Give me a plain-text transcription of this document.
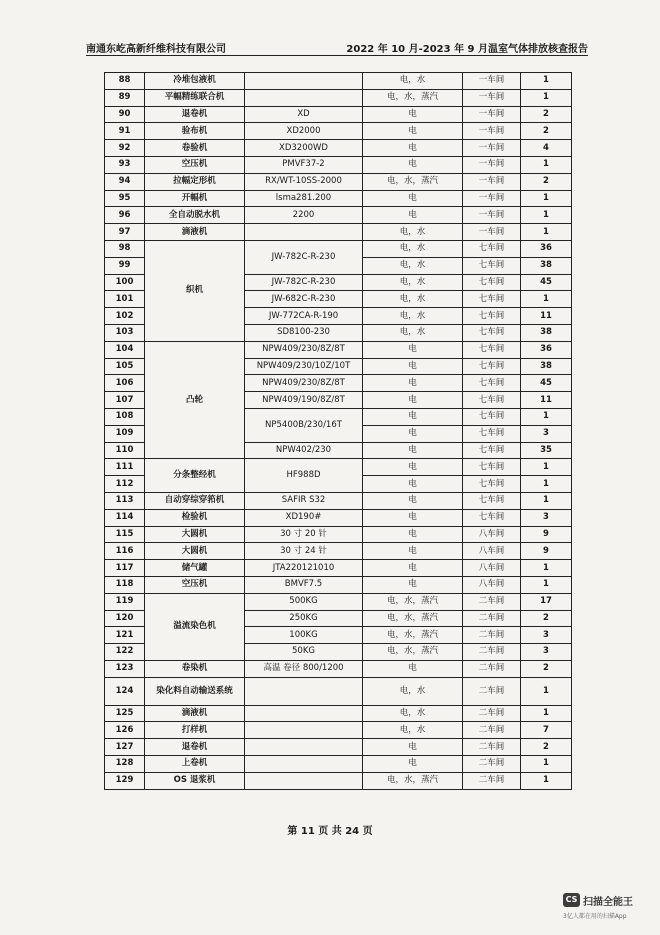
南通东屹高新纤维科技有限公司	2022 年 10 月-2023 年 9 月温室气体排放核查报告
88	冷堆包液机		电，水	一车间	1
89	平幅精练联合机		电，水，蒸汽	一车间	1
90	退卷机	XD	电	一车间	2
91	验布机	XD2000	电	一车间	2
92	卷验机	XD3200WD	电	一车间	4
93	空压机	PMVF37-2	电	一车间	1
94	拉幅定形机	RX/WT-10SS-2000	电，水，蒸汽	一车间	2
95	开幅机	lsma281.200	电	一车间	1
96	全自动脱水机	2200	电	一车间	1
97	滴液机		电，水	一车间	1
98	织机	JW-782C-R-230	电，水	七车间	36
99			电，水	七车间	38
100		JW-782C-R-230	电，水	七车间	45
101		JW-682C-R-230	电，水	七车间	1
102		JW-772CA-R-190	电，水	七车间	11
103		SD8100-230	电，水	七车间	38
104	凸轮	NPW409/230/8Z/8T	电	七车间	36
105		NPW409/230/10Z/10T	电	七车间	38
106		NPW409/230/8Z/8T	电	七车间	45
107		NPW409/190/8Z/8T	电	七车间	11
108		NP5400B/230/16T	电	七车间	1
109			电	七车间	3
110		NPW402/230	电	七车间	35
111	分条整经机	HF988D	电	七车间	1
112			电	七车间	1
113	自动穿综穿筘机	SAFIR S32	电	七车间	1
114	检验机	XD190#	电	七车间	3
115	大圆机	30 寸 20 针	电	八车间	9
116	大圆机	30 寸 24 针	电	八车间	9
117	储气罐	JTA220121010	电	八车间	1
118	空压机	BMVF7.5	电	八车间	1
119	溢流染色机	500KG	电，水，蒸汽	二车间	17
120		250KG	电，水，蒸汽	二车间	2
121		100KG	电，水，蒸汽	二车间	3
122		50KG	电，水，蒸汽	二车间	3
123	卷染机	高温 卷径 800/1200	电	二车间	2
124	染化料自动输送系统		电，水	二车间	1
125	滴液机		电，水	二车间	1
126	打样机		电，水	二车间	7
127	退卷机		电	二车间	2
128	上卷机		电	二车间	1
129	OS 退浆机		电，水，蒸汽	二车间	1
第 11 页 共 24 页
CS 扫描全能王
3亿人都在用的扫描App
